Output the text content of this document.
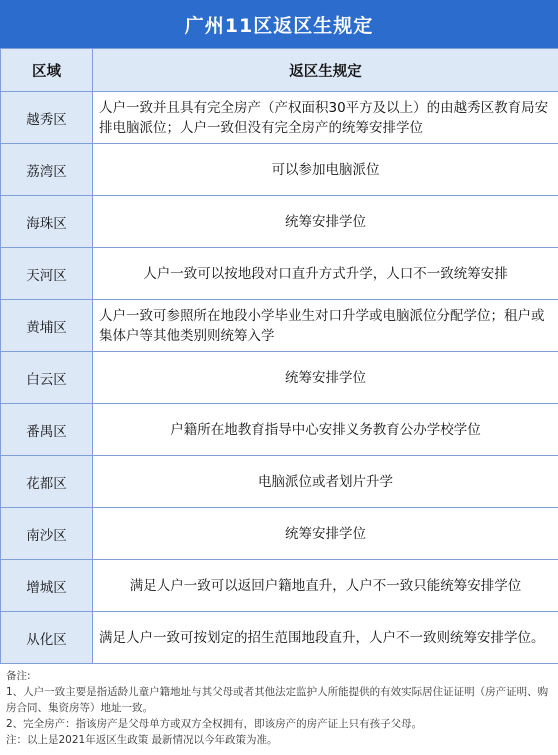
广州11区返区生规定
区域	返区生规定
越秀区	人户一致并且具有完全房产（产权面积30平方及以上）的由越秀区教育局安排电脑派位；人户一致但没有完全房产的统筹安排学位
荔湾区	可以参加电脑派位
海珠区	统筹安排学位
天河区	人户一致可以按地段对口直升方式升学，人口不一致统筹安排
黄埔区	人户一致可参照所在地段小学毕业生对口升学或电脑派位分配学位；租户或集体户等其他类别则统筹入学
白云区	统筹安排学位
番禺区	户籍所在地教育指导中心安排义务教育公办学校学位
花都区	电脑派位或者划片升学
南沙区	统筹安排学位
增城区	满足人户一致可以返回户籍地直升，人户不一致只能统筹安排学位
从化区	满足人户一致可按划定的招生范围地段直升，人户不一致则统筹安排学位。

备注:

1、人户一致主要是指适龄儿童户籍地址与其父母或者其他法定监护人所能提供的有效实际居住证证明（房产证明、购房合同、集资房等）地址一致。

2、完全房产：指该房产是父母单方或双方全权拥有，即该房产的房产证上只有孩子父母。

注：以上是2021年返区生政策 最新情况以今年政策为准。
